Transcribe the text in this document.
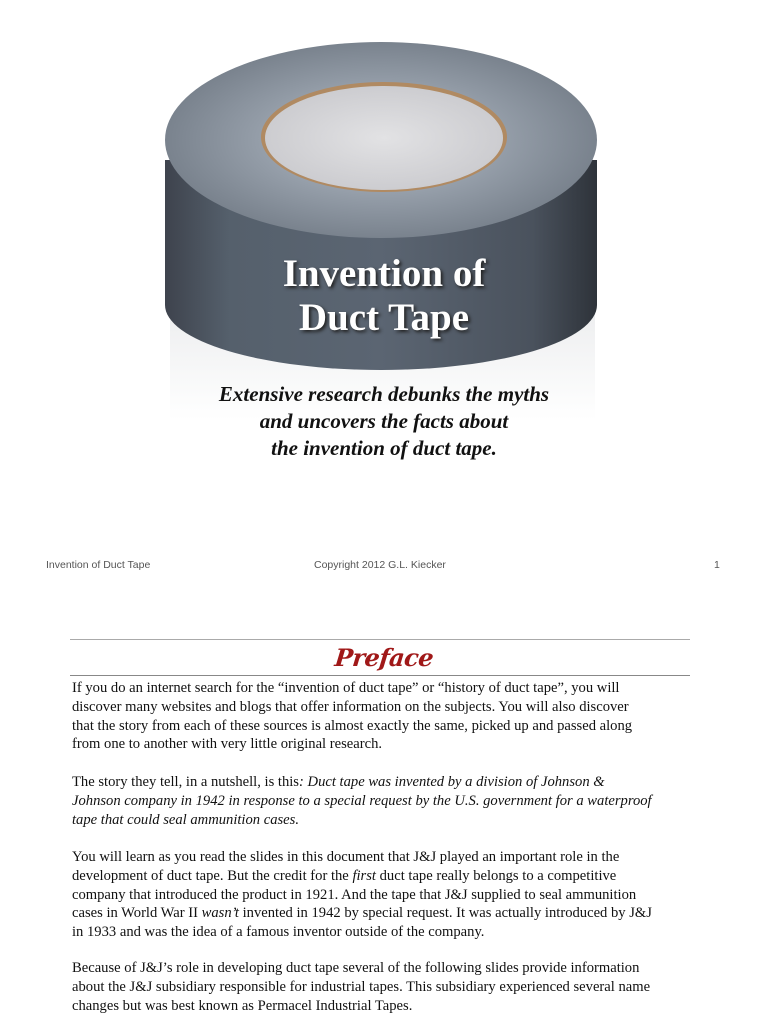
Invention of
Duct Tape
Extensive research debunks the myths
and uncovers the facts about
the invention of duct tape.
Invention of Duct Tape	Copyright 2012 G.L. Kiecker	1
Preface
If you do an internet search for the “invention of duct tape” or “history of duct tape”, you will
discover many websites and blogs that offer information on the subjects. You will also discover
that the story from each of these sources is almost exactly the same, picked up and passed along
from one to another with very little original research.
The story they tell, in a nutshell, is this: Duct tape was invented by a division of Johnson &
Johnson company in 1942 in response to a special request by the U.S. government for a waterproof
tape that could seal ammunition cases.
You will learn as you read the slides in this document that J&J played an important role in the
development of duct tape. But the credit for the first duct tape really belongs to a competitive
company that introduced the product in 1921. And the tape that J&J supplied to seal ammunition
cases in World War II wasn’t invented in 1942 by special request. It was actually introduced by J&J
in 1933 and was the idea of a famous inventor outside of the company.
Because of J&J’s role in developing duct tape several of the following slides provide information
about the J&J subsidiary responsible for industrial tapes. This subsidiary experienced several name
changes but was best known as Permacel Industrial Tapes.
